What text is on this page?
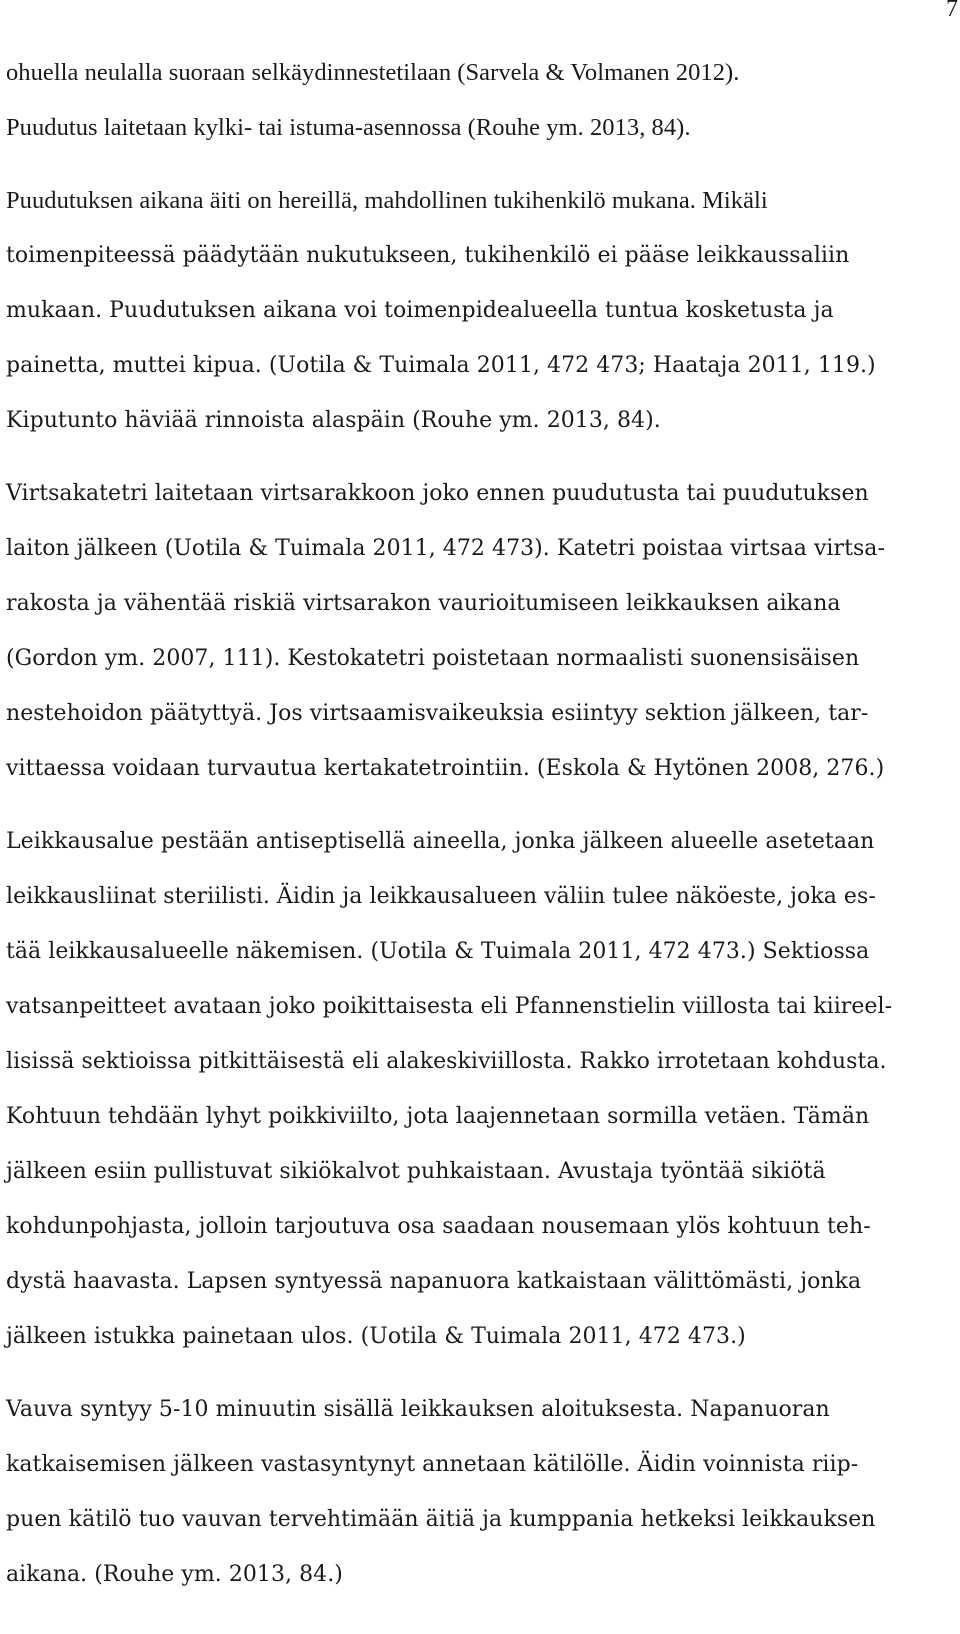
7
ohuella neulalla suoraan selkäydinnestetilaan (Sarvela & Volmanen 2012).
Puudutus laitetaan kylki- tai istuma-asennossa (Rouhe ym. 2013, 84).
Puudutuksen aikana äiti on hereillä, mahdollinen tukihenkilö mukana. Mikäli
toimenpiteessä päädytään nukutukseen, tukihenkilö ei pääse leikkaussaliin
mukaan. Puudutuksen aikana voi toimenpidealueella tuntua kosketusta ja
painetta, muttei kipua. (Uotila & Tuimala 2011, 472 473; Haataja 2011, 119.)
Kiputunto häviää rinnoista alaspäin (Rouhe ym. 2013, 84).
Virtsakatetri laitetaan virtsarakkoon joko ennen puudutusta tai puudutuksen
laiton jälkeen (Uotila & Tuimala 2011, 472 473). Katetri poistaa virtsaa virtsa-
rakosta ja vähentää riskiä virtsarakon vaurioitumiseen leikkauksen aikana
(Gordon ym. 2007, 111). Kestokatetri poistetaan normaalisti suonensisäisen
nestehoidon päätyttyä. Jos virtsaamisvaikeuksia esiintyy sektion jälkeen, tar-
vittaessa voidaan turvautua kertakatetrointiin. (Eskola & Hytönen 2008, 276.)
Leikkausalue pestään antiseptisellä aineella, jonka jälkeen alueelle asetetaan
leikkausliinat steriilisti. Äidin ja leikkausalueen väliin tulee näköeste, joka es-
tää leikkausalueelle näkemisen. (Uotila & Tuimala 2011, 472 473.) Sektiossa
vatsanpeitteet avataan joko poikittaisesta eli Pfannenstielin viillosta tai kiireel-
lisissä sektioissa pitkittäisestä eli alakeskiviillosta. Rakko irrotetaan kohdusta.
Kohtuun tehdään lyhyt poikkiviilto, jota laajennetaan sormilla vetäen. Tämän
jälkeen esiin pullistuvat sikiökalvot puhkaistaan. Avustaja työntää sikiötä
kohdunpohjasta, jolloin tarjoutuva osa saadaan nousemaan ylös kohtuun teh-
dystä haavasta. Lapsen syntyessä napanuora katkaistaan välittömästi, jonka
jälkeen istukka painetaan ulos. (Uotila & Tuimala 2011, 472 473.)
Vauva syntyy 5-10 minuutin sisällä leikkauksen aloituksesta. Napanuoran
katkaisemisen jälkeen vastasyntynyt annetaan kätilölle. Äidin voinnista riip-
puen kätilö tuo vauvan tervehtimään äitiä ja kumppania hetkeksi leikkauksen
aikana. (Rouhe ym. 2013, 84.)
